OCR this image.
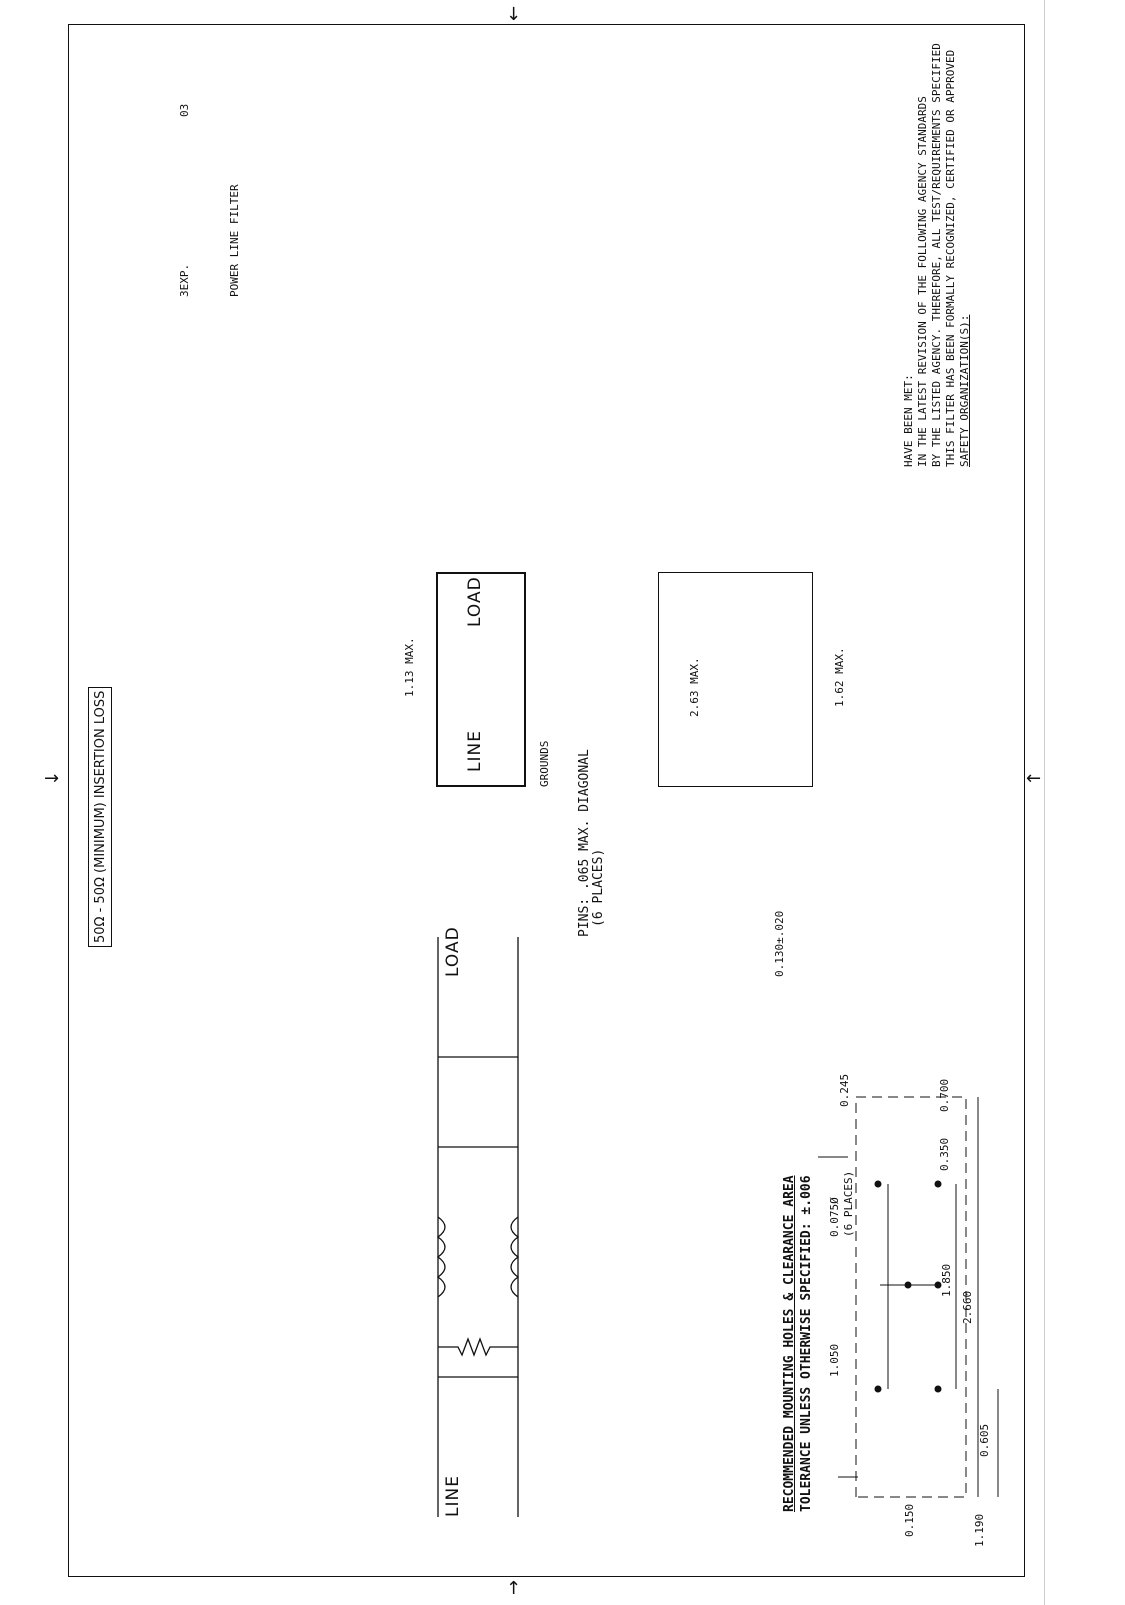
↓
↑
→	←
2.660
1.850
0.605
1.190
0.150
1.050
0.350
0.700
0.245
0.075Ø (6 PLACES)
RECOMMENDED MOUNTING HOLES & CLEARANCE AREA TOLERANCE UNLESS OTHERWISE SPECIFIED: ±.006
LINE
LOAD
2.63 MAX.	1.62 MAX.
1.13 MAX.
0.130±.020
PINS: .065 MAX. DIAGONAL (6 PLACES)
GROUNDS
LOAD
LINE
SAFETY ORGANIZATION(S):
THIS FILTER HAS BEEN FORMALLY RECOGNIZED, CERTIFIED OR APPROVED
BY THE LISTED AGENCY. THEREFORE, ALL TEST/REQUIREMENTS SPECIFIED
IN THE LATEST REVISION OF THE FOLLOWING AGENCY STANDARDS
HAVE BEEN MET:
50Ω - 50Ω (MINIMUM) INSERTION LOSS
POWER LINE FILTER
3EXP.
03
